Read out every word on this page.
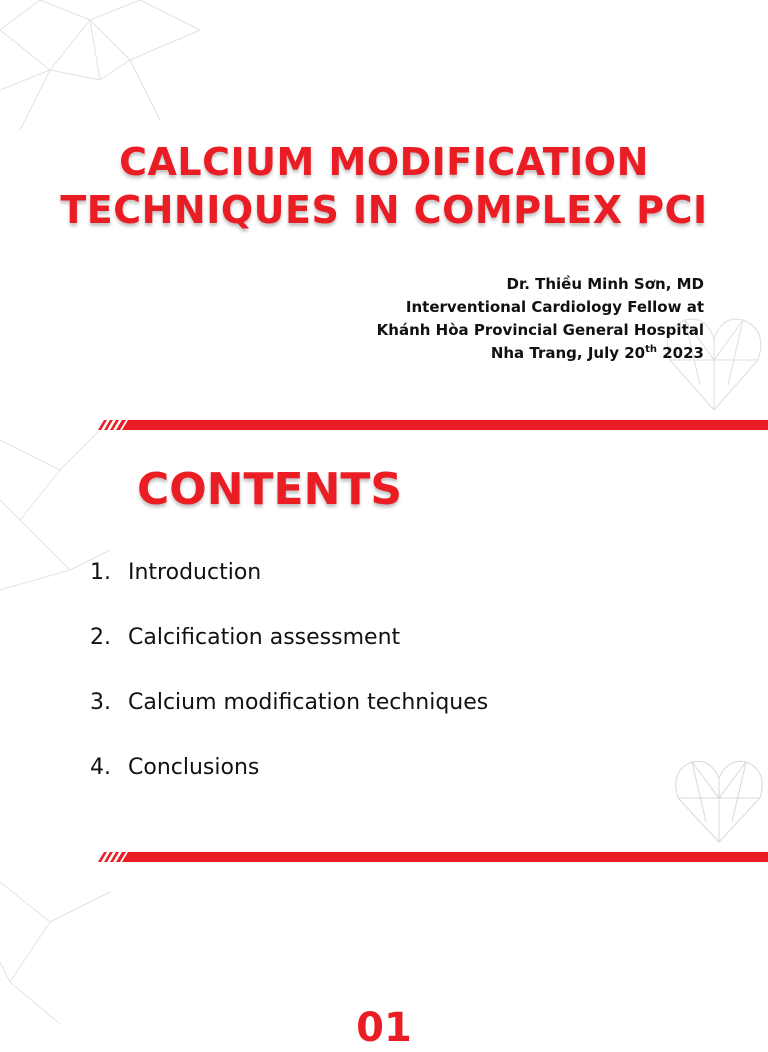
CALCIUM MODIFICATION
TECHNIQUES IN COMPLEX PCI
Dr. Thiều Minh Sơn, MD
Interventional Cardiology Fellow at
Khánh Hòa Provincial General Hospital
Nha Trang, July 20th 2023
CONTENTS
1. Introduction
2. Calcification assessment
3. Calcium modification techniques
4. Conclusions
01
